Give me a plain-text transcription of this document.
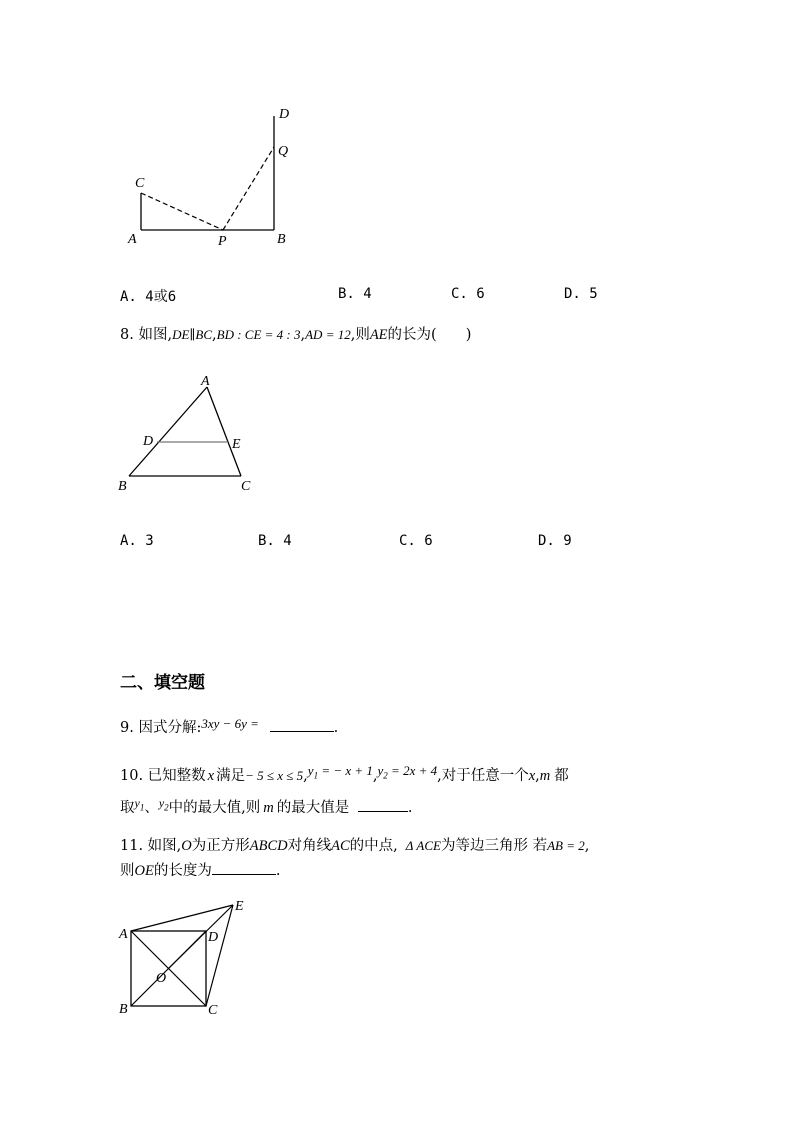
D
Q
C
A	P	B
A. 4或6	B. 4	C. 6	D. 5
8. 如图,DE∥BC,BD : CE = 4 : 3,AD = 12,则AE的长为(　　)
A
D	E
B	C
A. 3	B. 4	C. 6	D. 9
二、填空题
9. 因式分解:3xy − 6y =	.
10. 已知整数 x 满足− $5 \le x \le 5,y_1$ = − $x + 1,y_2 = 2x + 4$,对于任意一个x,m 都
取$^{y_1}$、$^{y_2}$中的最大值,则 m 的最大值是	.
11. 如图,O为正方形ABCD对角线AC的中点, Δ ACE为等边三角形 若AB = 2,
则OE的长度为	.
A	D
E
O
B	C
